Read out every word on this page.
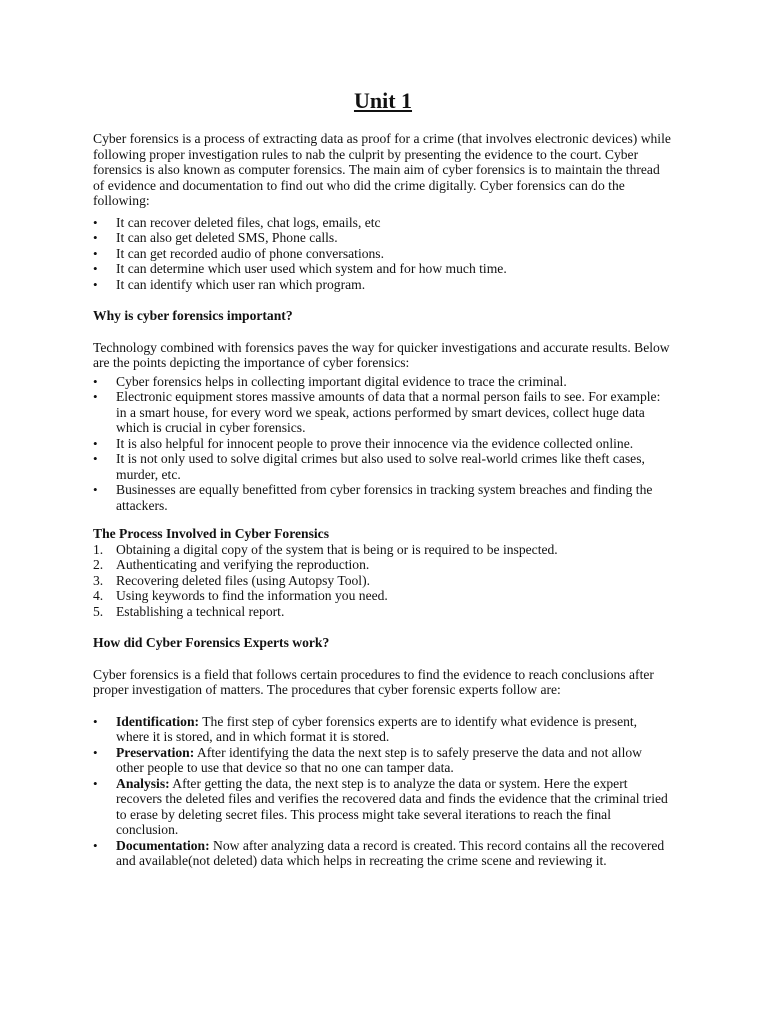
Unit 1

Cyber forensics is a process of extracting data as proof for a crime (that involves electronic devices) while following proper investigation rules to nab the culprit by presenting the evidence to the court. Cyber forensics is also known as computer forensics. The main aim of cyber forensics is to maintain the thread of evidence and documentation to find out who did the crime digitally. Cyber forensics can do the following:

• It can recover deleted files, chat logs, emails, etc
• It can also get deleted SMS, Phone calls.
• It can get recorded audio of phone conversations.
• It can determine which user used which system and for how much time.
• It can identify which user ran which program.
Why is cyber forensics important?

Technology combined with forensics paves the way for quicker investigations and accurate results. Below are the points depicting the importance of cyber forensics:

• Cyber forensics helps in collecting important digital evidence to trace the criminal.
• Electronic equipment stores massive amounts of data that a normal person fails to see. For example: in a smart house, for every word we speak, actions performed by smart devices, collect huge data which is crucial in cyber forensics.
• It is also helpful for innocent people to prove their innocence via the evidence collected online.
• It is not only used to solve digital crimes but also used to solve real-world crimes like theft cases, murder, etc.
• Businesses are equally benefitted from cyber forensics in tracking system breaches and finding the attackers.
The Process Involved in Cyber Forensics
1. Obtaining a digital copy of the system that is being or is required to be inspected.
2. Authenticating and verifying the reproduction.
3. Recovering deleted files (using Autopsy Tool).
4. Using keywords to find the information you need.
5. Establishing a technical report.
How did Cyber Forensics Experts work?

Cyber forensics is a field that follows certain procedures to find the evidence to reach conclusions after proper investigation of matters. The procedures that cyber forensic experts follow are:

• Identification: The first step of cyber forensics experts are to identify what evidence is present, where it is stored, and in which format it is stored.
• Preservation: After identifying the data the next step is to safely preserve the data and not allow other people to use that device so that no one can tamper data.
• Analysis: After getting the data, the next step is to analyze the data or system. Here the expert recovers the deleted files and verifies the recovered data and finds the evidence that the criminal tried to erase by deleting secret files. This process might take several iterations to reach the final conclusion.
• Documentation: Now after analyzing data a record is created. This record contains all the recovered and available(not deleted) data which helps in recreating the crime scene and reviewing it.
